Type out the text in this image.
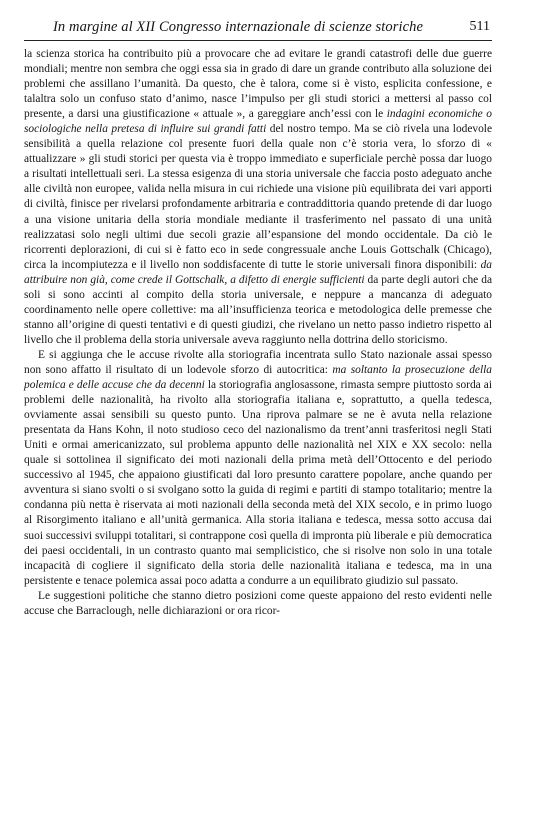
In margine al XII Congresso internazionale di scienze storiche	511

la scienza storica ha contribuito più a provocare che ad evitare le grandi catastrofi delle due guerre mondiali; mentre non sembra che oggi essa sia in grado di dare un grande contributo alla soluzione dei problemi che assillano l’umanità. Da questo, che è talora, come si è visto, esplicita confessione, e talaltra solo un confuso stato d’animo, nasce l’impulso per gli studi storici a mettersi al passo col presente, a darsi una giustificazione « attuale », a gareggiare anch’essi con le indagini economiche o sociologiche nella pretesa di influire sui grandi fatti del nostro tempo. Ma se ciò rivela una lodevole sensibilità a quella relazione col presente fuori della quale non c’è storia vera, lo sforzo di « attualizzare » gli studi storici per questa via è troppo immediato e superficiale perchè possa dar luogo a risultati intellettuali seri. La stessa esigenza di una storia universale che faccia posto adeguato anche alle civiltà non europee, valida nella misura in cui richiede una visione più equilibrata dei vari apporti di civiltà, finisce per rivelarsi profondamente arbitraria e contraddittoria quando pretende di dar luogo a una visione unitaria della storia mondiale mediante il trasferimento nel passato di una unità realizzatasi solo negli ultimi due secoli grazie all’espansione del mondo occidentale. Da ciò le ricorrenti deplorazioni, di cui si è fatto eco in sede congressuale anche Louis Gottschalk (Chicago), circa la incompiutezza e il livello non soddisfacente di tutte le storie universali finora disponibili: da attribuire non già, come crede il Gottschalk, a difetto di energie sufficienti da parte degli autori che da soli si sono accinti al compito della storia universale, e neppure a mancanza di adeguato coordinamento nelle opere collettive: ma all’insufficienza teorica e metodologica delle premesse che stanno all’origine di questi tentativi e di questi giudizi, che rivelano un netto passo indietro rispetto al livello che il problema della storia universale aveva raggiunto nella dottrina dello storicismo.

E si aggiunga che le accuse rivolte alla storiografia incentrata sullo Stato nazionale assai spesso non sono affatto il risultato di un lodevole sforzo di autocritica: ma soltanto la prosecuzione della polemica e delle accuse che da decenni la storiografia anglosassone, rimasta sempre piuttosto sorda ai problemi delle nazionalità, ha rivolto alla storiografia italiana e, soprattutto, a quella tedesca, ovviamente assai sensibili su questo punto. Una riprova palmare se ne è avuta nella relazione presentata da Hans Kohn, il noto studioso ceco del nazionalismo da trent’anni trasferitosi negli Stati Uniti e ormai americanizzato, sul problema appunto delle nazionalità nel XIX e XX secolo: nella quale si sottolinea il significato dei moti nazionali della prima metà dell’Ottocento e del periodo successivo al 1945, che appaiono giustificati dal loro presunto carattere popolare, anche quando per avventura si siano svolti o si svolgano sotto la guida di regimi e partiti di stampo totalitario; mentre la condanna più netta è riservata ai moti nazionali della seconda metà del XIX secolo, e in primo luogo al Risorgimento italiano e all’unità germanica. Alla storia italiana e tedesca, messa sotto accusa dai suoi successivi sviluppi totalitari, si contrappone così quella di impronta più liberale e più democratica dei paesi occidentali, in un contrasto quanto mai semplicistico, che si risolve non solo in una totale incapacità di cogliere il significato della storia delle nazionalità italiana e tedesca, ma in una persistente e tenace polemica assai poco adatta a condurre a un equilibrato giudizio sul passato.

Le suggestioni politiche che stanno dietro posizioni come queste appaiono del resto evidenti nelle accuse che Barraclough, nelle dichiarazioni or ora ricor-
